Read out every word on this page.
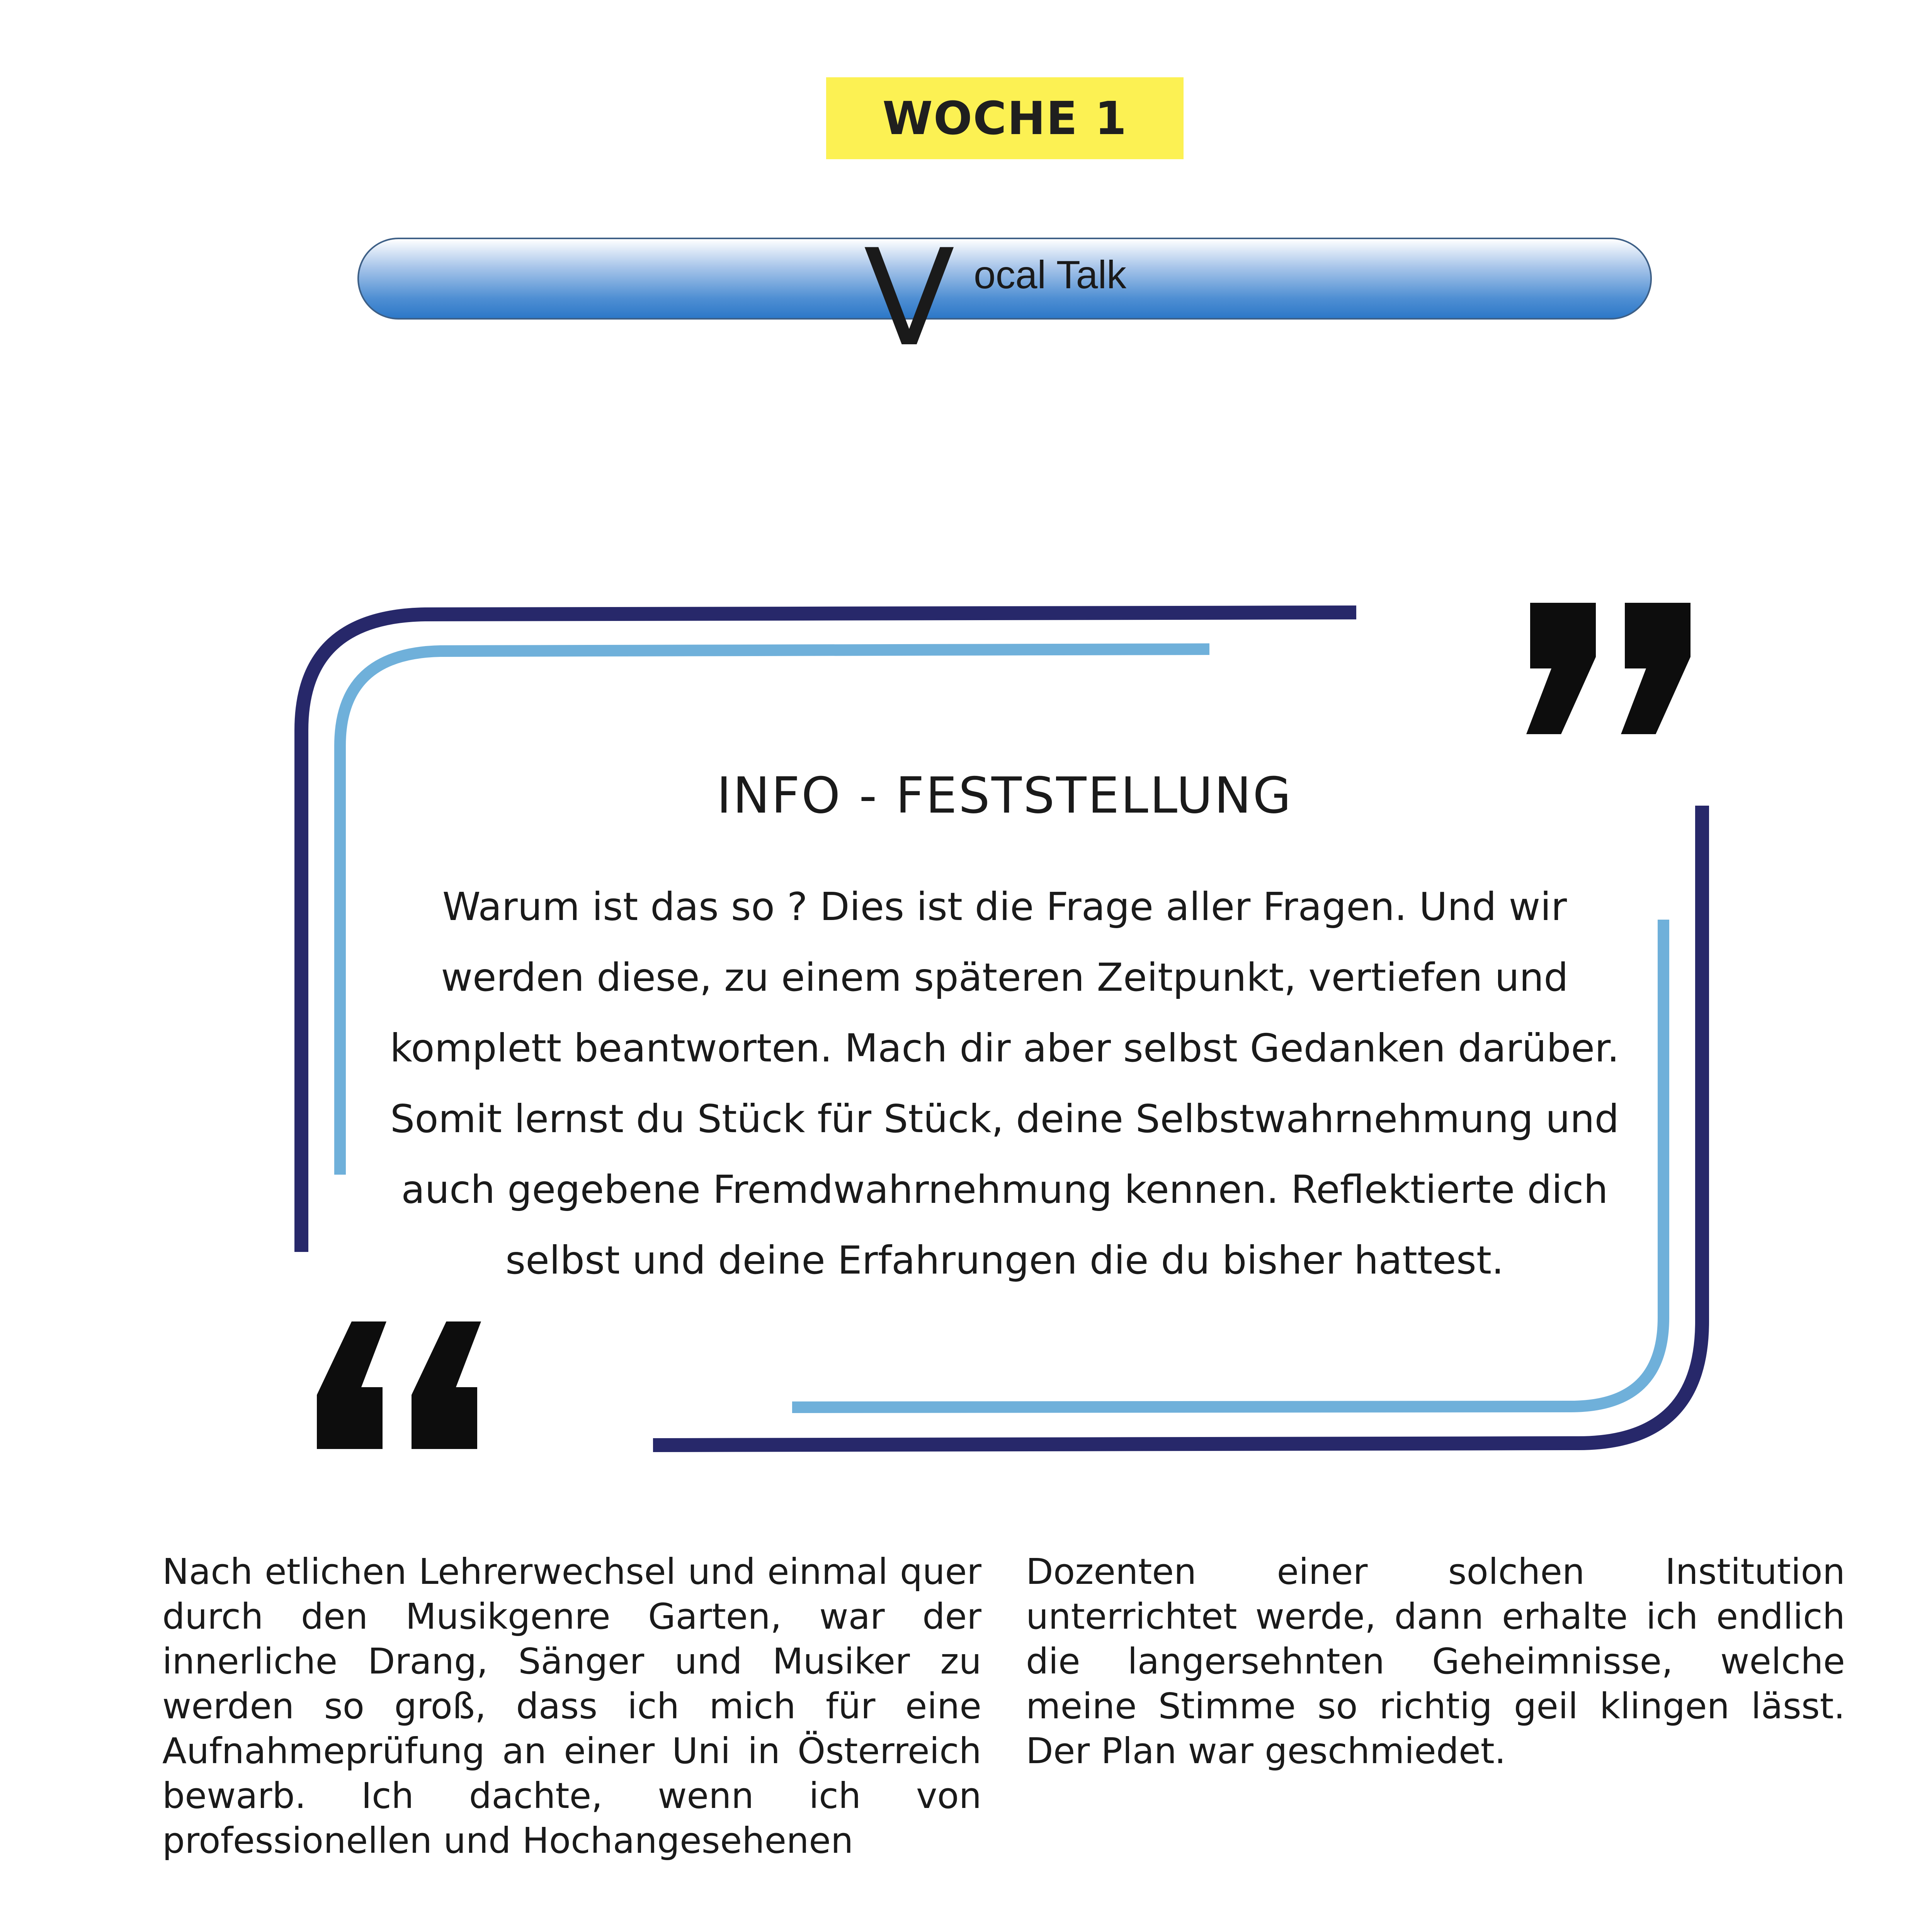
WOCHE 1
V ocal Talk
INFO - FESTSTELLUNG
Warum ist das so ? Dies ist die Frage aller Fragen. Und wir werden diese, zu einem späteren Zeitpunkt, vertiefen und komplett beantworten. Mach dir aber selbst Gedanken darüber. Somit lernst du Stück für Stück, deine Selbstwahrnehmung und auch gegebene Fremdwahrnehmung kennen. Reflektierte dich selbst und deine Erfahrungen die du bisher hattest.
Nach etlichen Lehrerwechsel und einmal quer durch den Musikgenre Garten, war der innerliche Drang, Sänger und Musiker zu werden so groß, dass ich mich für eine Aufnahmeprüfung an einer Uni in Österreich bewarb. Ich dachte, wenn ich von professionellen und Hochangesehenen
Dozenten einer solchen Institution unterrichtet werde, dann erhalte ich endlich die langersehnten Geheimnisse, welche meine Stimme so richtig geil klingen lässt. Der Plan war geschmiedet.
